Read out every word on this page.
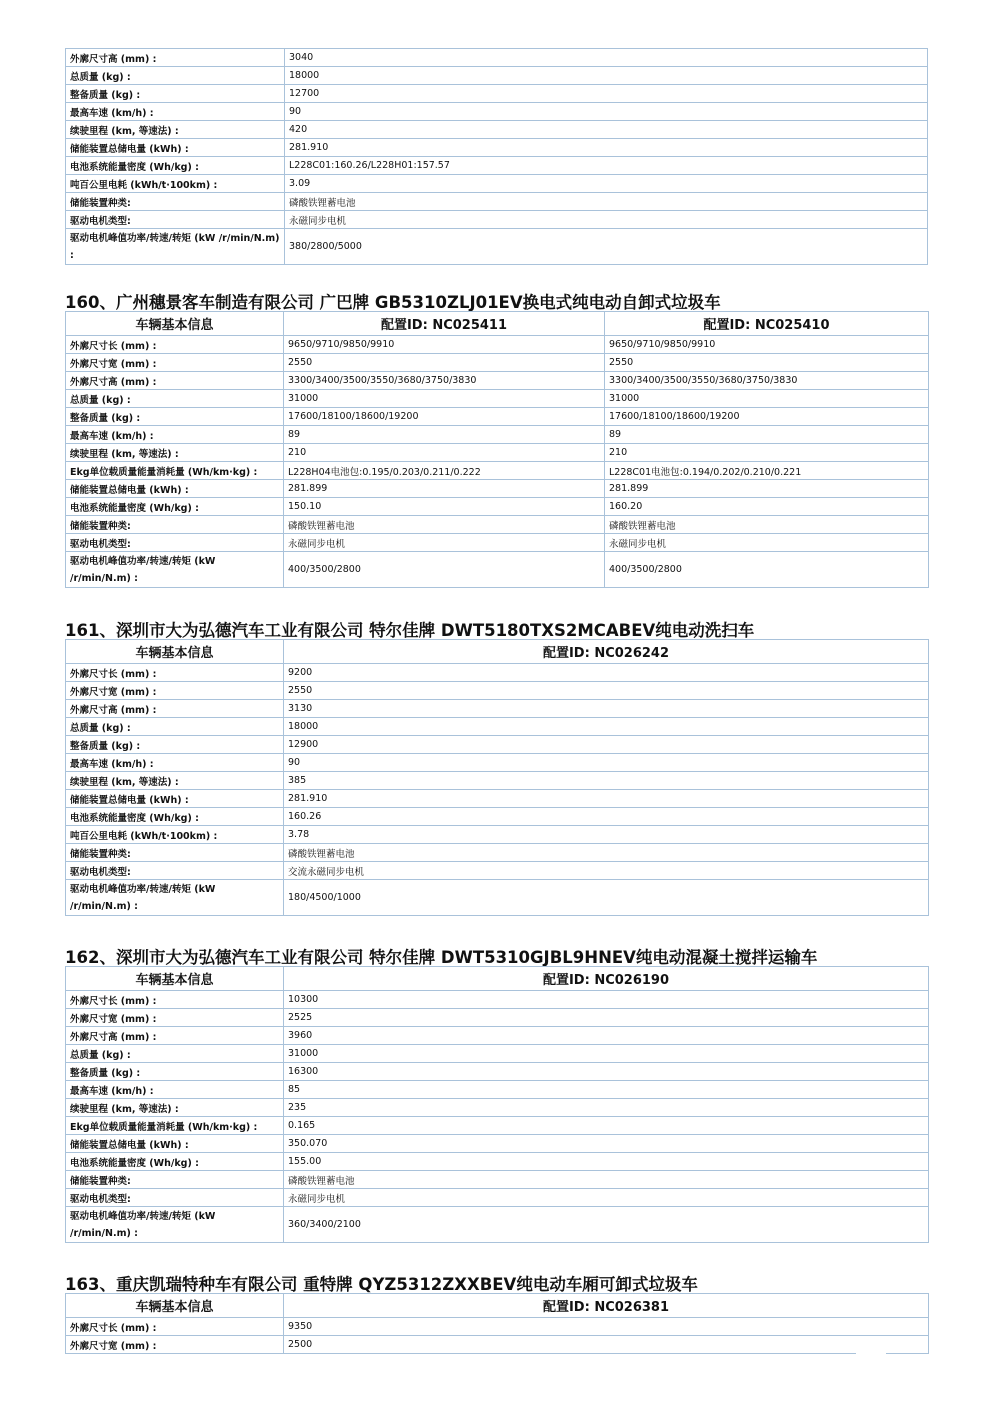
外廓尺寸高 (mm) :	3040
总质量 (kg) :	18000
整备质量 (kg) :	12700
最高车速 (km/h) :	90
续驶里程 (km, 等速法) :	420
储能装置总储电量 (kWh) :	281.910
电池系统能量密度 (Wh/kg) :	L228C01:160.26/L228H01:157.57
吨百公里电耗 (kWh/t·100km) :	3.09
储能装置种类:	磷酸铁锂蓄电池
驱动电机类型:	永磁同步电机
驱动电机峰值功率/转速/转矩 (kW /r/min/N.m) :	380/2800/5000
160、广州穗景客车制造有限公司 广巴牌 GB5310ZLJ01EV换电式纯电动自卸式垃圾车
车辆基本信息	配置ID: NC025411	配置ID: NC025410
外廓尺寸长 (mm) :	9650/9710/9850/9910	9650/9710/9850/9910
外廓尺寸宽 (mm) :	2550	2550
外廓尺寸高 (mm) :	3300/3400/3500/3550/3680/3750/3830	3300/3400/3500/3550/3680/3750/3830
总质量 (kg) :	31000	31000
整备质量 (kg) :	17600/18100/18600/19200	17600/18100/18600/19200
最高车速 (km/h) :	89	89
续驶里程 (km, 等速法) :	210	210
Ekg单位载质量能量消耗量 (Wh/km·kg) :	L228H04电池包:0.195/0.203/0.211/0.222	L228C01电池包:0.194/0.202/0.210/0.221
储能装置总储电量 (kWh) :	281.899	281.899
电池系统能量密度 (Wh/kg) :	150.10	160.20
储能装置种类:	磷酸铁锂蓄电池	磷酸铁锂蓄电池
驱动电机类型:	永磁同步电机	永磁同步电机
驱动电机峰值功率/转速/转矩 (kW /r/min/N.m) :	400/3500/2800	400/3500/2800
161、深圳市大为弘德汽车工业有限公司 特尔佳牌 DWT5180TXS2MCABEV纯电动洗扫车
车辆基本信息	配置ID: NC026242
外廓尺寸长 (mm) :	9200
外廓尺寸宽 (mm) :	2550
外廓尺寸高 (mm) :	3130
总质量 (kg) :	18000
整备质量 (kg) :	12900
最高车速 (km/h) :	90
续驶里程 (km, 等速法) :	385
储能装置总储电量 (kWh) :	281.910
电池系统能量密度 (Wh/kg) :	160.26
吨百公里电耗 (kWh/t·100km) :	3.78
储能装置种类:	磷酸铁锂蓄电池
驱动电机类型:	交流永磁同步电机
驱动电机峰值功率/转速/转矩 (kW /r/min/N.m) :	180/4500/1000
162、深圳市大为弘德汽车工业有限公司 特尔佳牌 DWT5310GJBL9HNEV纯电动混凝土搅拌运输车
车辆基本信息	配置ID: NC026190
外廓尺寸长 (mm) :	10300
外廓尺寸宽 (mm) :	2525
外廓尺寸高 (mm) :	3960
总质量 (kg) :	31000
整备质量 (kg) :	16300
最高车速 (km/h) :	85
续驶里程 (km, 等速法) :	235
Ekg单位载质量能量消耗量 (Wh/km·kg) :	0.165
储能装置总储电量 (kWh) :	350.070
电池系统能量密度 (Wh/kg) :	155.00
储能装置种类:	磷酸铁锂蓄电池
驱动电机类型:	永磁同步电机
驱动电机峰值功率/转速/转矩 (kW /r/min/N.m) :	360/3400/2100
163、重庆凯瑞特种车有限公司 重特牌 QYZ5312ZXXBEV纯电动车厢可卸式垃圾车
车辆基本信息	配置ID: NC026381
外廓尺寸长 (mm) :	9350
外廓尺寸宽 (mm) :	2500
